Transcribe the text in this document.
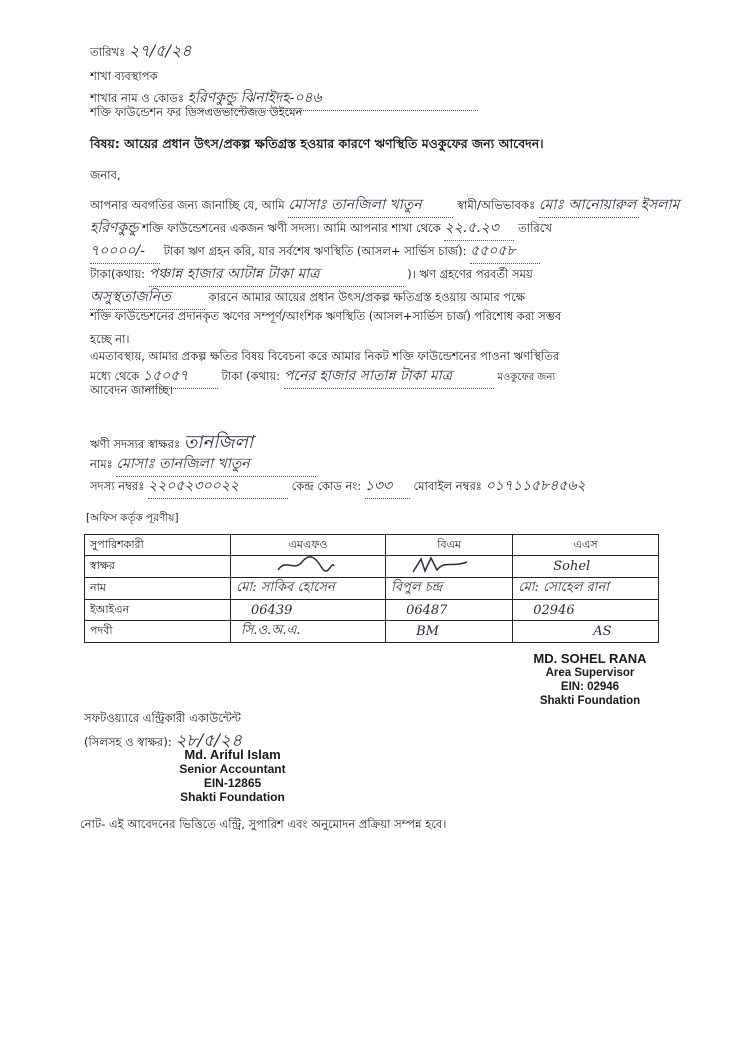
তারিখঃ ২৭/৫/২৪
শাখা ব্যবস্থাপক
শাখার নাম ও কোডঃ হরিণকুন্ডু ঝিনাইদহ-০৪৬
শক্তি ফাউন্ডেশন ফর ডিসএডভান্টেজড উইমেন
বিষয়: আয়ের প্রধান উৎস/প্রকল্প ক্ষতিগ্রস্ত হওয়ার কারণে ঋণস্থিতি মওকুফের জন্য আবেদন।
জনাব,
আপনার অবগতির জন্য জানাচ্ছি যে, আমি মোসাঃ তানজিলা খাতুন	স্বামী/অভিভাবকঃ মোঃ আনোয়ারুল ইসলাম
হরিণকুন্ডু শক্তি ফাউন্ডেশনের একজন ঋণী সদস্য। আমি আপনার শাখা থেকে ২২.৫.২৩ তারিখে
৭০০০০/- টাকা ঋণ গ্রহন করি, যার সর্বশেষ ঋণস্থিতি (আসল+ সার্ভিস চার্জ): ৫৫০৫৮
টাকা(কথায়: পঞ্চান্ন হাজার আটান্ন টাকা মাত্র	)। ঋণ গ্রহণের পরবর্তী সময়
অসুস্থতাজনিত	কারনে আমার আয়ের প্রধান উৎস/প্রকল্প ক্ষতিগ্রস্ত হওয়ায় আমার পক্ষে
শক্তি ফাউন্ডেশনের প্রদানকৃত ঋণের সম্পূর্ণ/আংশিক ঋণস্থিতি (আসল+সার্ভিস চার্জ) পরিশোধ করা সম্ভব
হচ্ছে না।
এমতাবস্থায়, আমার প্রকল্প ক্ষতির বিষয় বিবেচনা করে আমার নিকট শক্তি ফাউন্ডেশনের পাওনা ঋণস্থিতির
মধ্যে থেকে ১৫০৫৭	টাকা (কথায়: পনের হাজার সাতান্ন টাকা মাত্র	মওকুফের জন্য
আবেদন জানাচ্ছি।
ঋণী সদস্যর স্বাক্ষরঃ তানজিলা
নামঃ মোসাঃ তানজিলা খাতুন
সদস্য নম্বরঃ ২২০৫২৩০০২২	কেন্দ্র কোড নং: ১৩৩ মোবাইল নম্বরঃ ০১৭১১৫৮৪৫৬২
[অফিস কর্তৃক পূরণীয়]
সুপারিশকারী	এমএফও	বিএম	এএস
স্বাক্ষর			Sohel
নাম	মো: সাকিব হোসেন	বিপুল চন্দ্র	মো: সোহেল রানা
ইআইএন	06439	06487	02946
পদবী	সি.ও.অ.এ.	BM	AS
MD. SOHEL RANA
Area Supervisor
EIN: 02946
Shakti Foundation
সফটওয়্যারে এন্ট্রিকারী একাউন্টেন্ট
(সিলসহ ও স্বাক্ষর): ২৮/৫/২৪
Md. Ariful Islam
Senior Accountant
EIN-12865
Shakti Foundation
নোট- এই আবেদনের ভিত্তিতে এন্ট্রি, সুপারিশ এবং অনুমোদন প্রক্রিয়া সম্পন্ন হবে।
